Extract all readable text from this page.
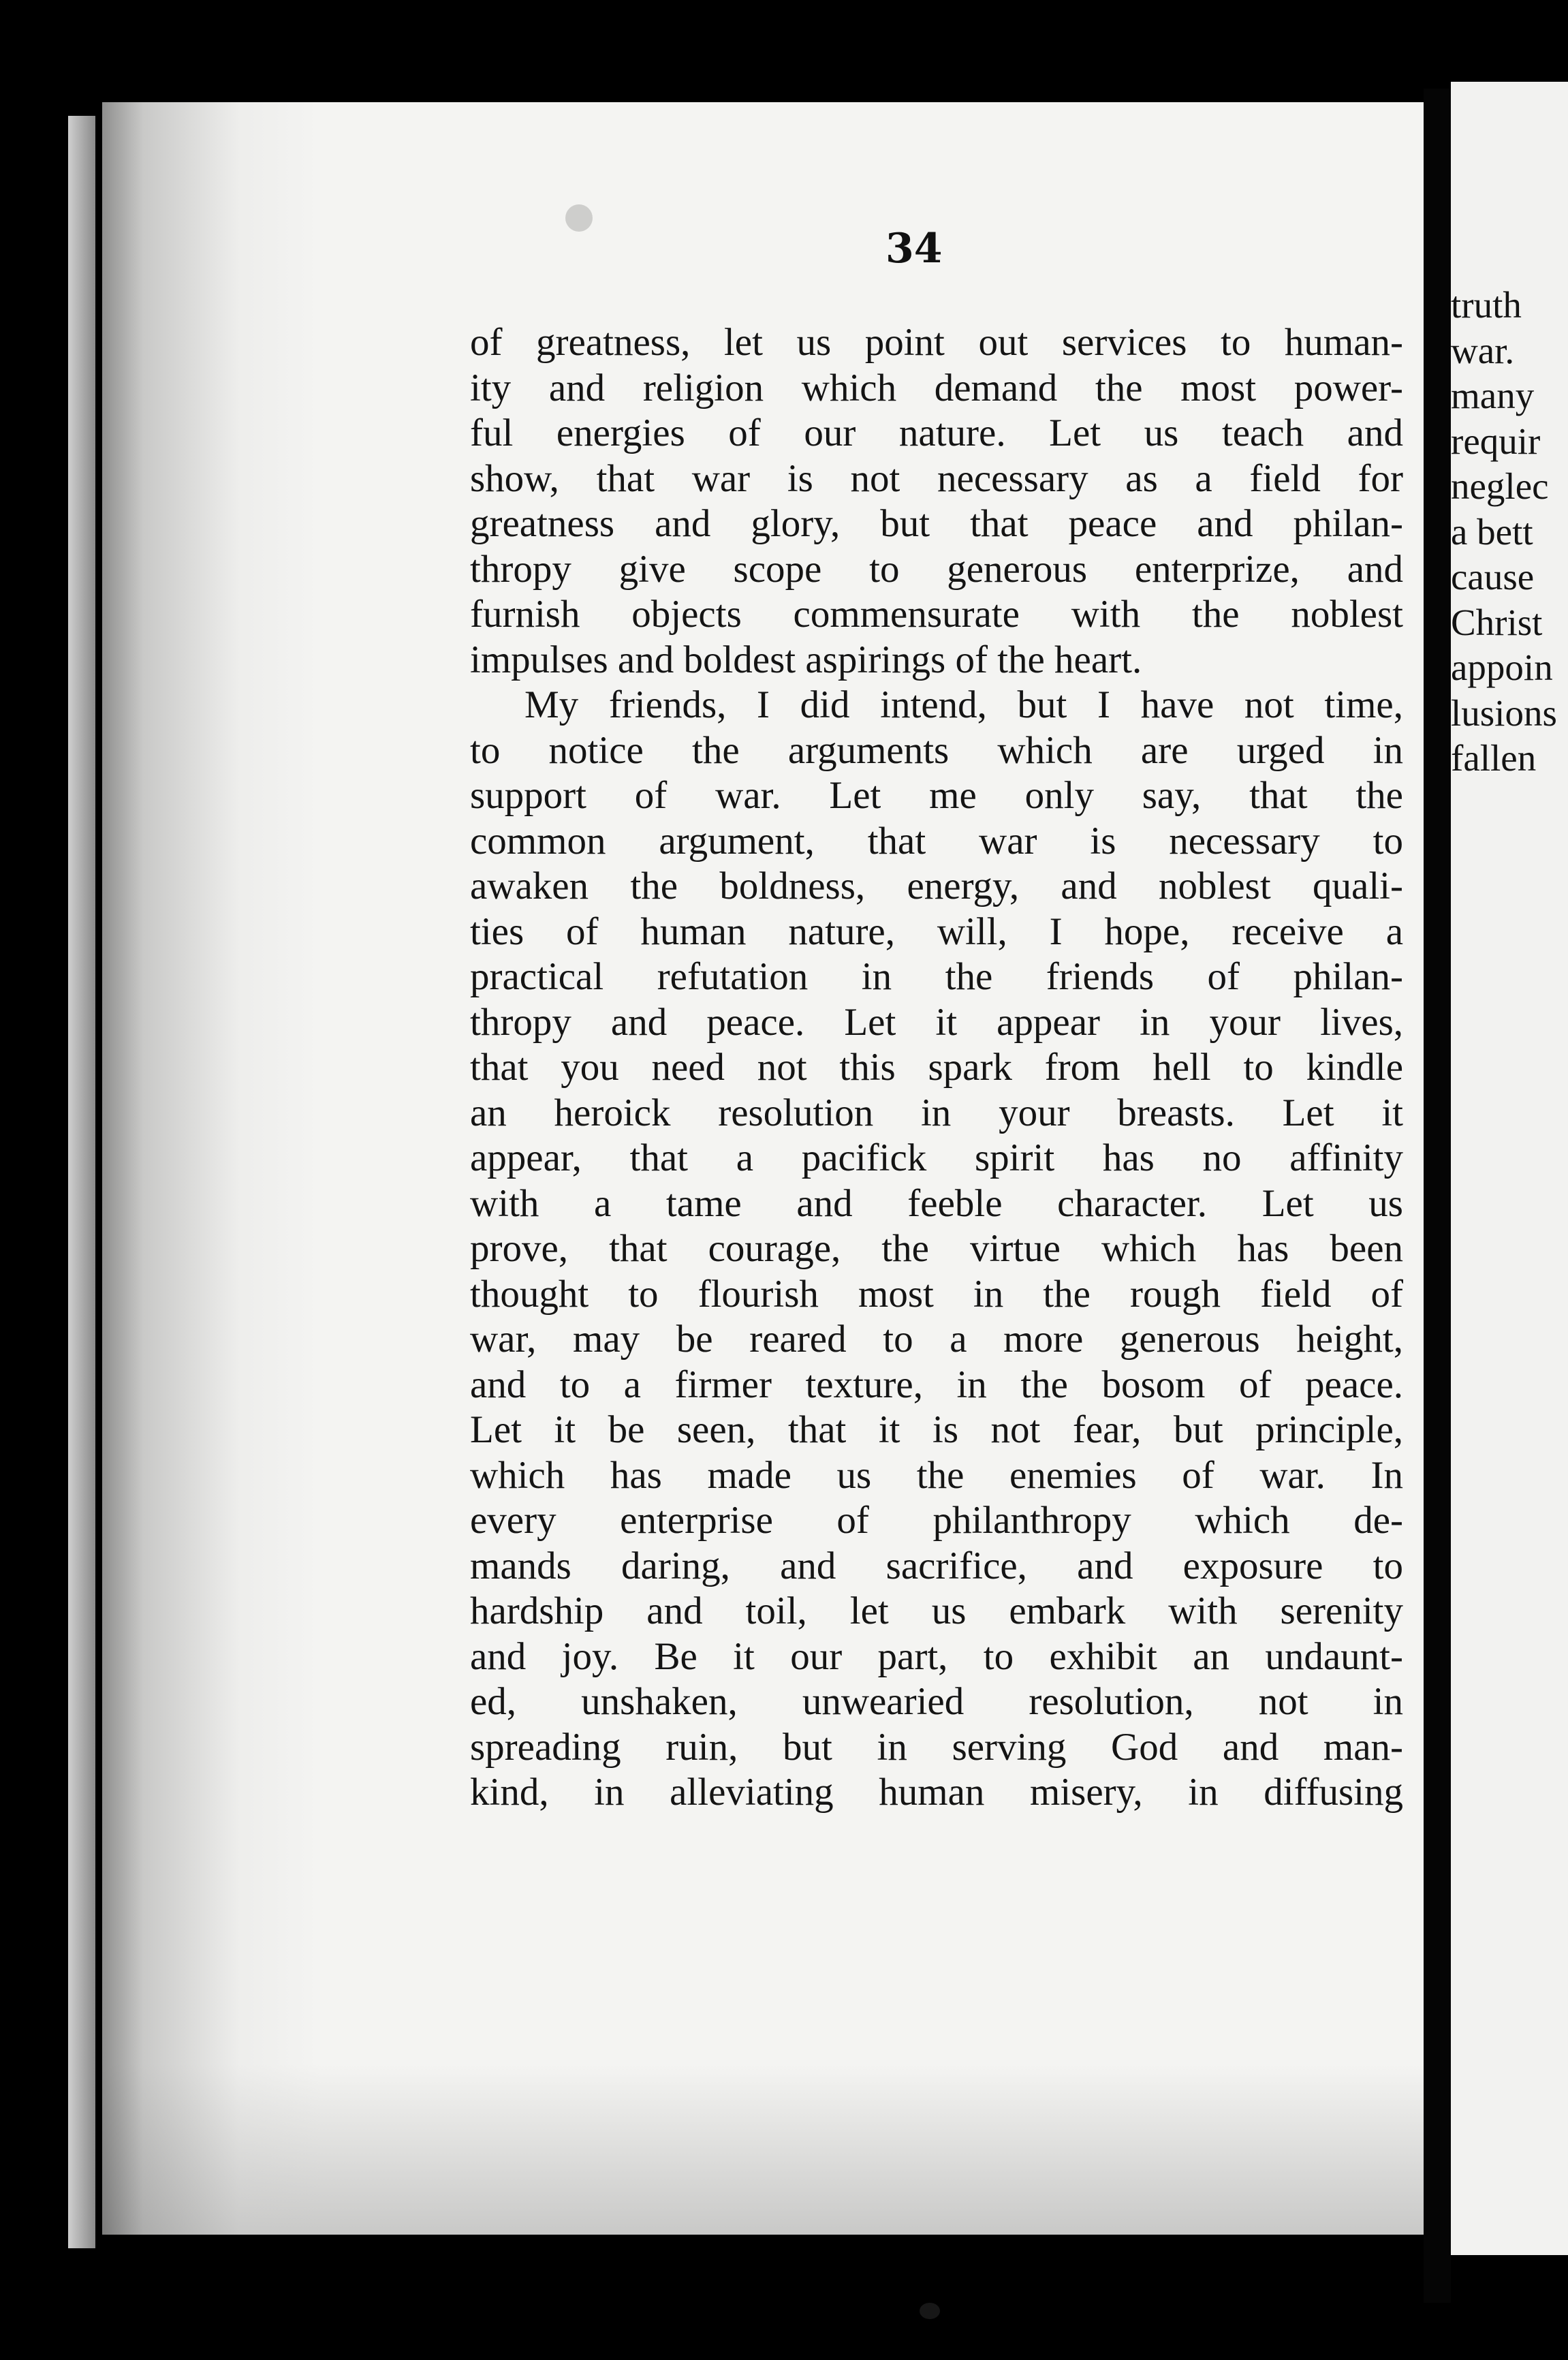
34
of greatness, let us point out services to human-
ity and religion which demand the most power-
ful energies of our nature. Let us teach and
show, that war is not necessary as a field for
greatness and glory, but that peace and philan-
thropy give scope to generous enterprize, and
furnish objects commensurate with the noblest
impulses and boldest aspirings of the heart.
My friends, I did intend, but I have not time,
to notice the arguments which are urged in
support of war. Let me only say, that the
common argument, that war is necessary to
awaken the boldness, energy, and noblest quali-
ties of human nature, will, I hope, receive a
practical refutation in the friends of philan-
thropy and peace. Let it appear in your lives,
that you need not this spark from hell to kindle
an heroick resolution in your breasts. Let it
appear, that a pacifick spirit has no affinity
with a tame and feeble character. Let us
prove, that courage, the virtue which has been
thought to flourish most in the rough field of
war, may be reared to a more generous height,
and to a firmer texture, in the bosom of peace.
Let it be seen, that it is not fear, but principle,
which has made us the enemies of war. In
every enterprise of philanthropy which de-
mands daring, and sacrifice, and exposure to
hardship and toil, let us embark with serenity
and joy. Be it our part, to exhibit an undaunt-
ed, unshaken, unwearied resolution, not in
spreading ruin, but in serving God and man-
kind, in alleviating human misery, in diffusing
truth
war.
many
requir
neglec
a bett
cause
Christ
appoin
lusions
fallen
